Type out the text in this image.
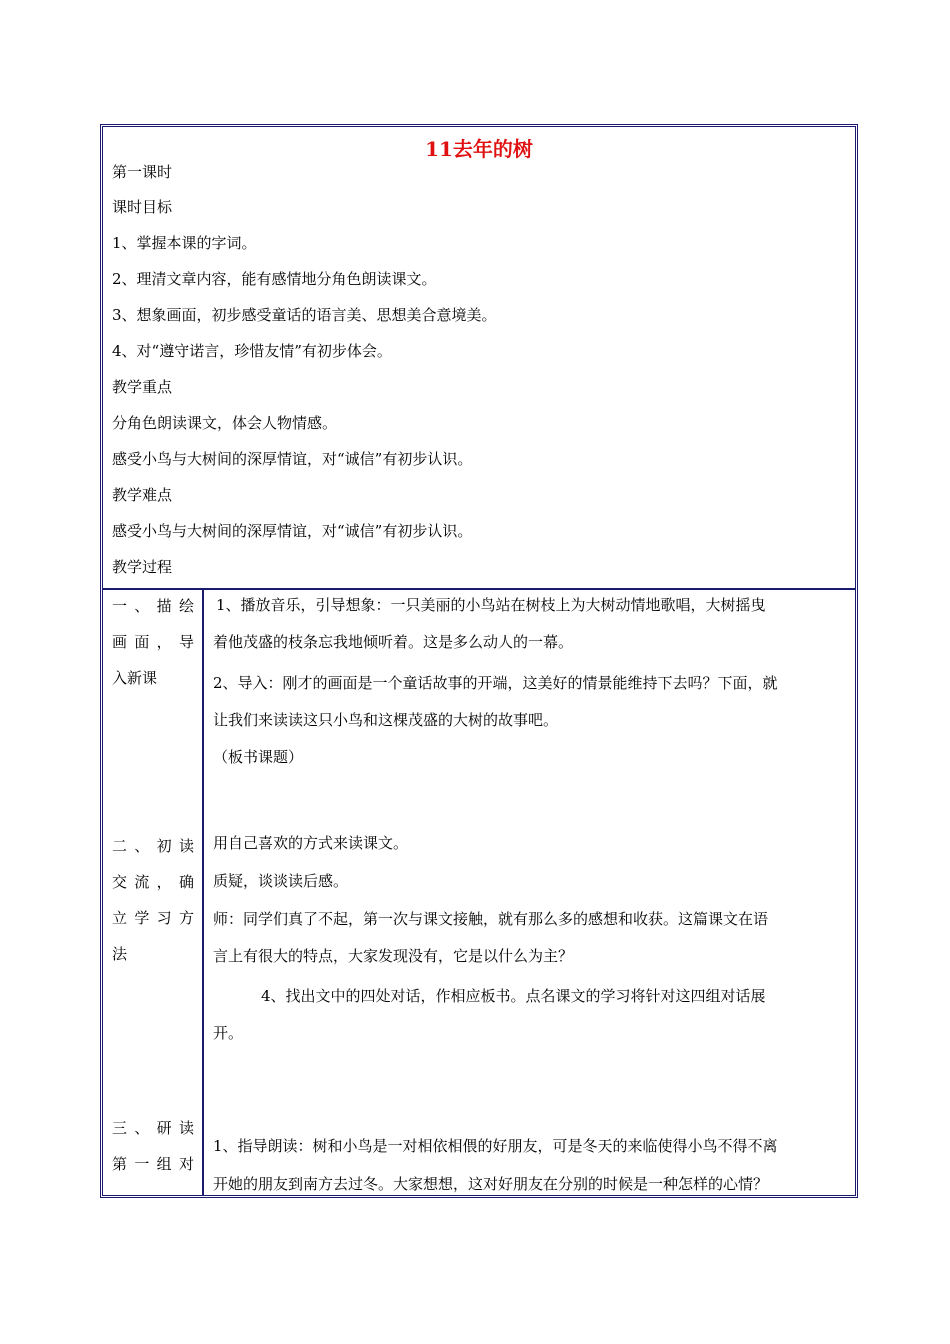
11去年的树
第一课时
课时目标
1、掌握本课的字词。
2、理清文章内容，能有感情地分角色朗读课文。
3、想象画面，初步感受童话的语言美、思想美合意境美。
4、对“遵守诺言，珍惜友情”有初步体会。
教学重点
分角色朗读课文，体会人物情感。
感受小鸟与大树间的深厚情谊，对“诚信”有初步认识。
教学难点
感受小鸟与大树间的深厚情谊，对“诚信”有初步认识。
教学过程
一、描绘
画面，导
入新课
二、初读
交流，确
立学习方
法
三、研读
第一组对
1、播放音乐，引导想象：一只美丽的小鸟站在树枝上为大树动情地歌唱，大树摇曳
着他茂盛的枝条忘我地倾听着。这是多么动人的一幕。
2、导入：刚才的画面是一个童话故事的开端，这美好的情景能维持下去吗？下面，就
让我们来读读这只小鸟和这棵茂盛的大树的故事吧。
（板书课题）
用自己喜欢的方式来读课文。
质疑，谈谈读后感。
师：同学们真了不起，第一次与课文接触，就有那么多的感想和收获。这篇课文在语
言上有很大的特点，大家发现没有，它是以什么为主？
4、找出文中的四处对话，作相应板书。点名课文的学习将针对这四组对话展
开。
1、指导朗读：树和小鸟是一对相依相偎的好朋友，可是冬天的来临使得小鸟不得不离
开她的朋友到南方去过冬。大家想想，这对好朋友在分别的时候是一种怎样的心情？
